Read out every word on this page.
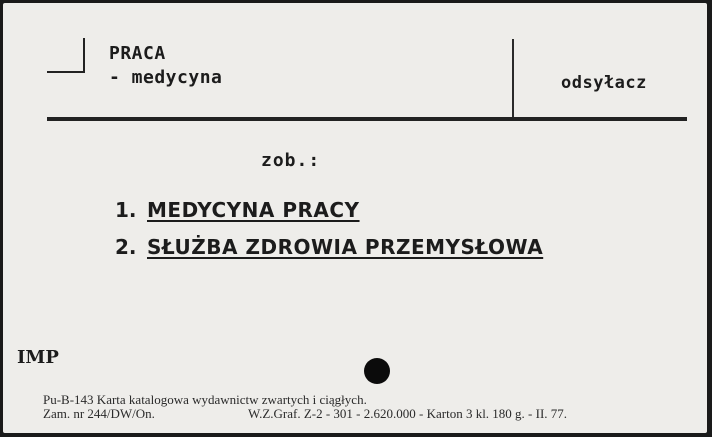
PRACA
- medycyna	odsyłacz
zob.:
1. MEDYCYNA PRACY
2. SŁUŻBA ZDROWIA PRZEMYSŁOWA
IMP
Pu-B-143 Karta katalogowa wydawnictw zwartych i ciągłych.
Zam. nr 244/DW/On.	W.Z.Graf. Z-2 - 301 - 2.620.000 - Karton 3 kl. 180 g. - II. 77.
